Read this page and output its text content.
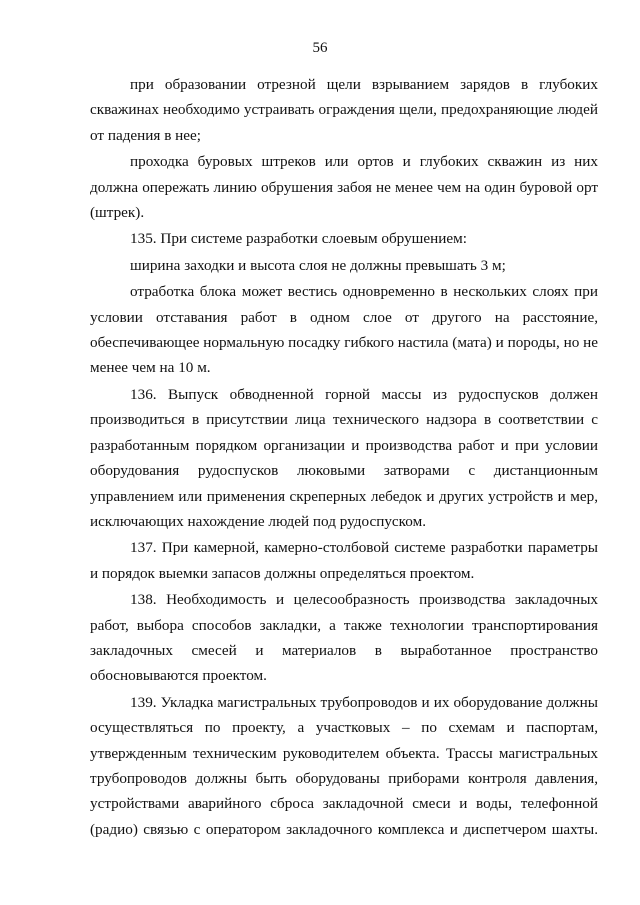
56

при образовании отрезной щели взрыванием зарядов в глубоких скважинах необходимо устраивать ограждения щели, предохраняющие людей от падения в нее;

проходка буровых штреков или ортов и глубоких скважин из них должна опережать линию обрушения забоя не менее чем на один буровой орт (штрек).

135. При системе разработки слоевым обрушением:

ширина заходки и высота слоя не должны превышать 3 м;

отработка блока может вестись одновременно в нескольких слоях при условии отставания работ в одном слое от другого на расстояние, обеспечивающее нормальную посадку гибкого настила (мата) и породы, но не менее чем на 10 м.

136. Выпуск обводненной горной массы из рудоспусков должен производиться в присутствии лица технического надзора в соответствии с разработанным порядком организации и производства работ и при условии оборудования рудоспусков люковыми затворами с дистанционным управлением или применения скреперных лебедок и других устройств и мер, исключающих нахождение людей под рудоспуском.

137. При камерной, камерно-столбовой системе разработки параметры и порядок выемки запасов должны определяться проектом.

138. Необходимость и целесообразность производства закладочных работ, выбора способов закладки, а также технологии транспортирования закладочных смесей и материалов в выработанное пространство обосновываются проектом.

139. Укладка магистральных трубопроводов и их оборудование должны осуществляться по проекту, а участковых – по схемам и паспортам, утвержденным техническим руководителем объекта. Трассы магистральных трубопроводов должны быть оборудованы приборами контроля давления, устройствами аварийного сброса закладочной смеси и воды, телефонной (радио) связью с оператором закладочного комплекса и диспетчером шахты.
